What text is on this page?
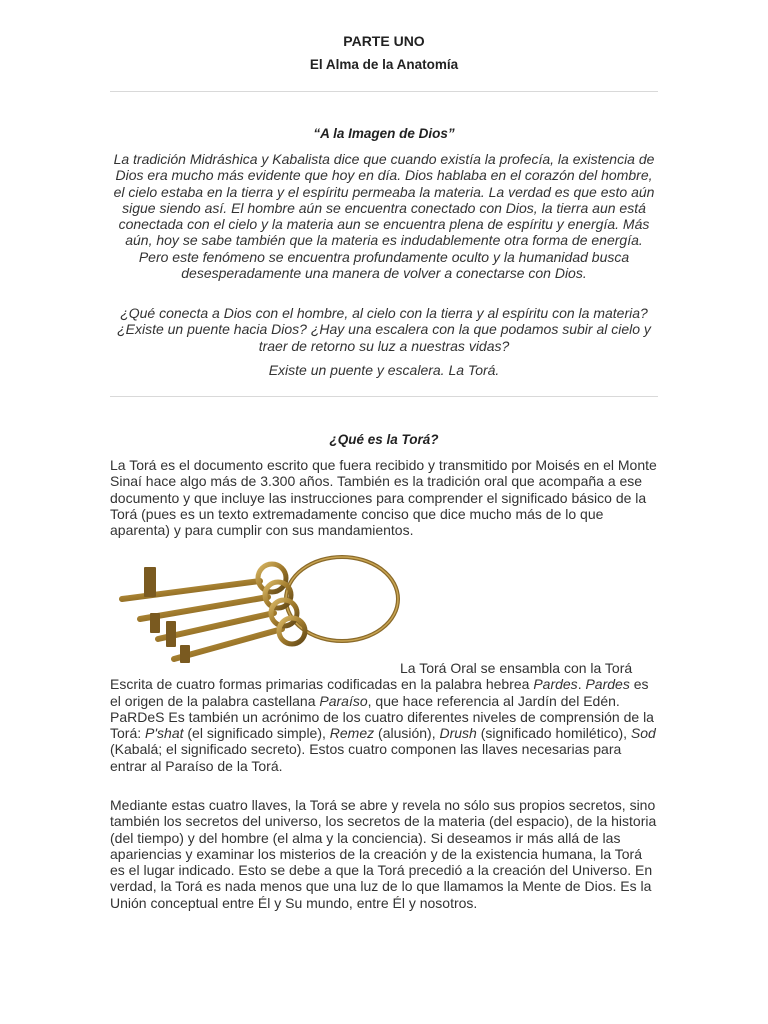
PARTE UNO
El Alma de la Anatomía
“A la Imagen de Dios”
La tradición Midráshica y Kabalista dice que cuando existía la profecía, la existencia de Dios era mucho más evidente que hoy en día. Dios hablaba en el corazón del hombre, el cielo estaba en la tierra y el espíritu permeaba la materia. La verdad es que esto aún sigue siendo así. El hombre aún se encuentra conectado con Dios, la tierra aun está conectada con el cielo y la materia aun se encuentra plena de espíritu y energía. Más aún, hoy se sabe también que la materia es indudablemente otra forma de energía. Pero este fenómeno se encuentra profundamente oculto y la humanidad busca desesperadamente una manera de volver a conectarse con Dios.
¿Qué conecta a Dios con el hombre, al cielo con la tierra y al espíritu con la materia? ¿Existe un puente hacia Dios? ¿Hay una escalera con la que podamos subir al cielo y traer de retorno su luz a nuestras vidas?
Existe un puente y escalera. La Torá.
¿Qué es la Torá?
La Torá es el documento escrito que fuera recibido y transmitido por Moisés en el Monte Sinaí hace algo más de 3.300 años. También es la tradición oral que acompaña a ese documento y que incluye las instrucciones para comprender el significado básico de la Torá (pues es un texto extremadamente conciso que dice mucho más de lo que aparenta) y para cumplir con sus mandamientos.
La Torá Oral se ensambla con la Torá Escrita de cuatro formas primarias codificadas en la palabra hebrea Pardes. Pardes es el origen de la palabra castellana Paraíso, que hace referencia al Jardín del Edén. PaRDeS Es también un acrónimo de los cuatro diferentes niveles de comprensión de la Torá: P'shat (el significado simple), Remez (alusión), Drush (significado homilético), Sod (Kabalá; el significado secreto). Estos cuatro componen las llaves necesarias para entrar al Paraíso de la Torá.
Mediante estas cuatro llaves, la Torá se abre y revela no sólo sus propios secretos, sino también los secretos del universo, los secretos de la materia (del espacio), de la historia (del tiempo) y del hombre (el alma y la conciencia). Si deseamos ir más allá de las apariencias y examinar los misterios de la creación y de la existencia humana, la Torá es el lugar indicado. Esto se debe a que la Torá precedió a la creación del Universo. En verdad, la Torá es nada menos que una luz de lo que llamamos la Mente de Dios. Es la Unión conceptual entre Él y Su mundo, entre Él y nosotros.
